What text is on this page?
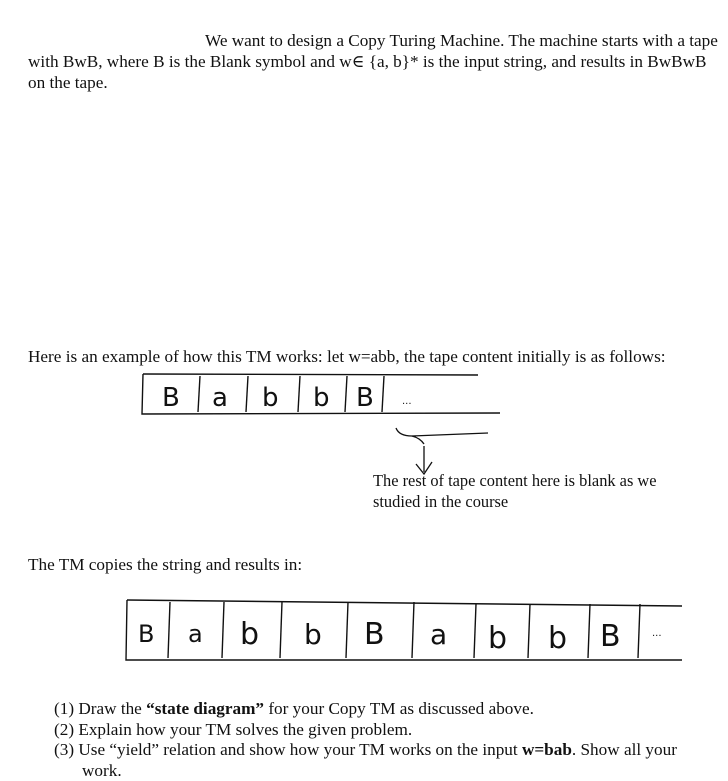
We want to design a Copy Turing Machine. The machine starts with a tape with BwB, where B is the Blank symbol and w∈ {a, b}* is the input string, and results in BwBwB on the tape.

Here is an example of how this TM works: let w=abb, the tape content initially is as follows:

B a b b B	...
B a b b B a b b B	...

The rest of tape content here is blank as we studied in the course

The TM copies the string and results in:

(1) Draw the “state diagram” for your Copy TM as discussed above.
(2) Explain how your TM solves the given problem.
(3) Use “yield” relation and show how your TM works on the input w=bab. Show all your work.
